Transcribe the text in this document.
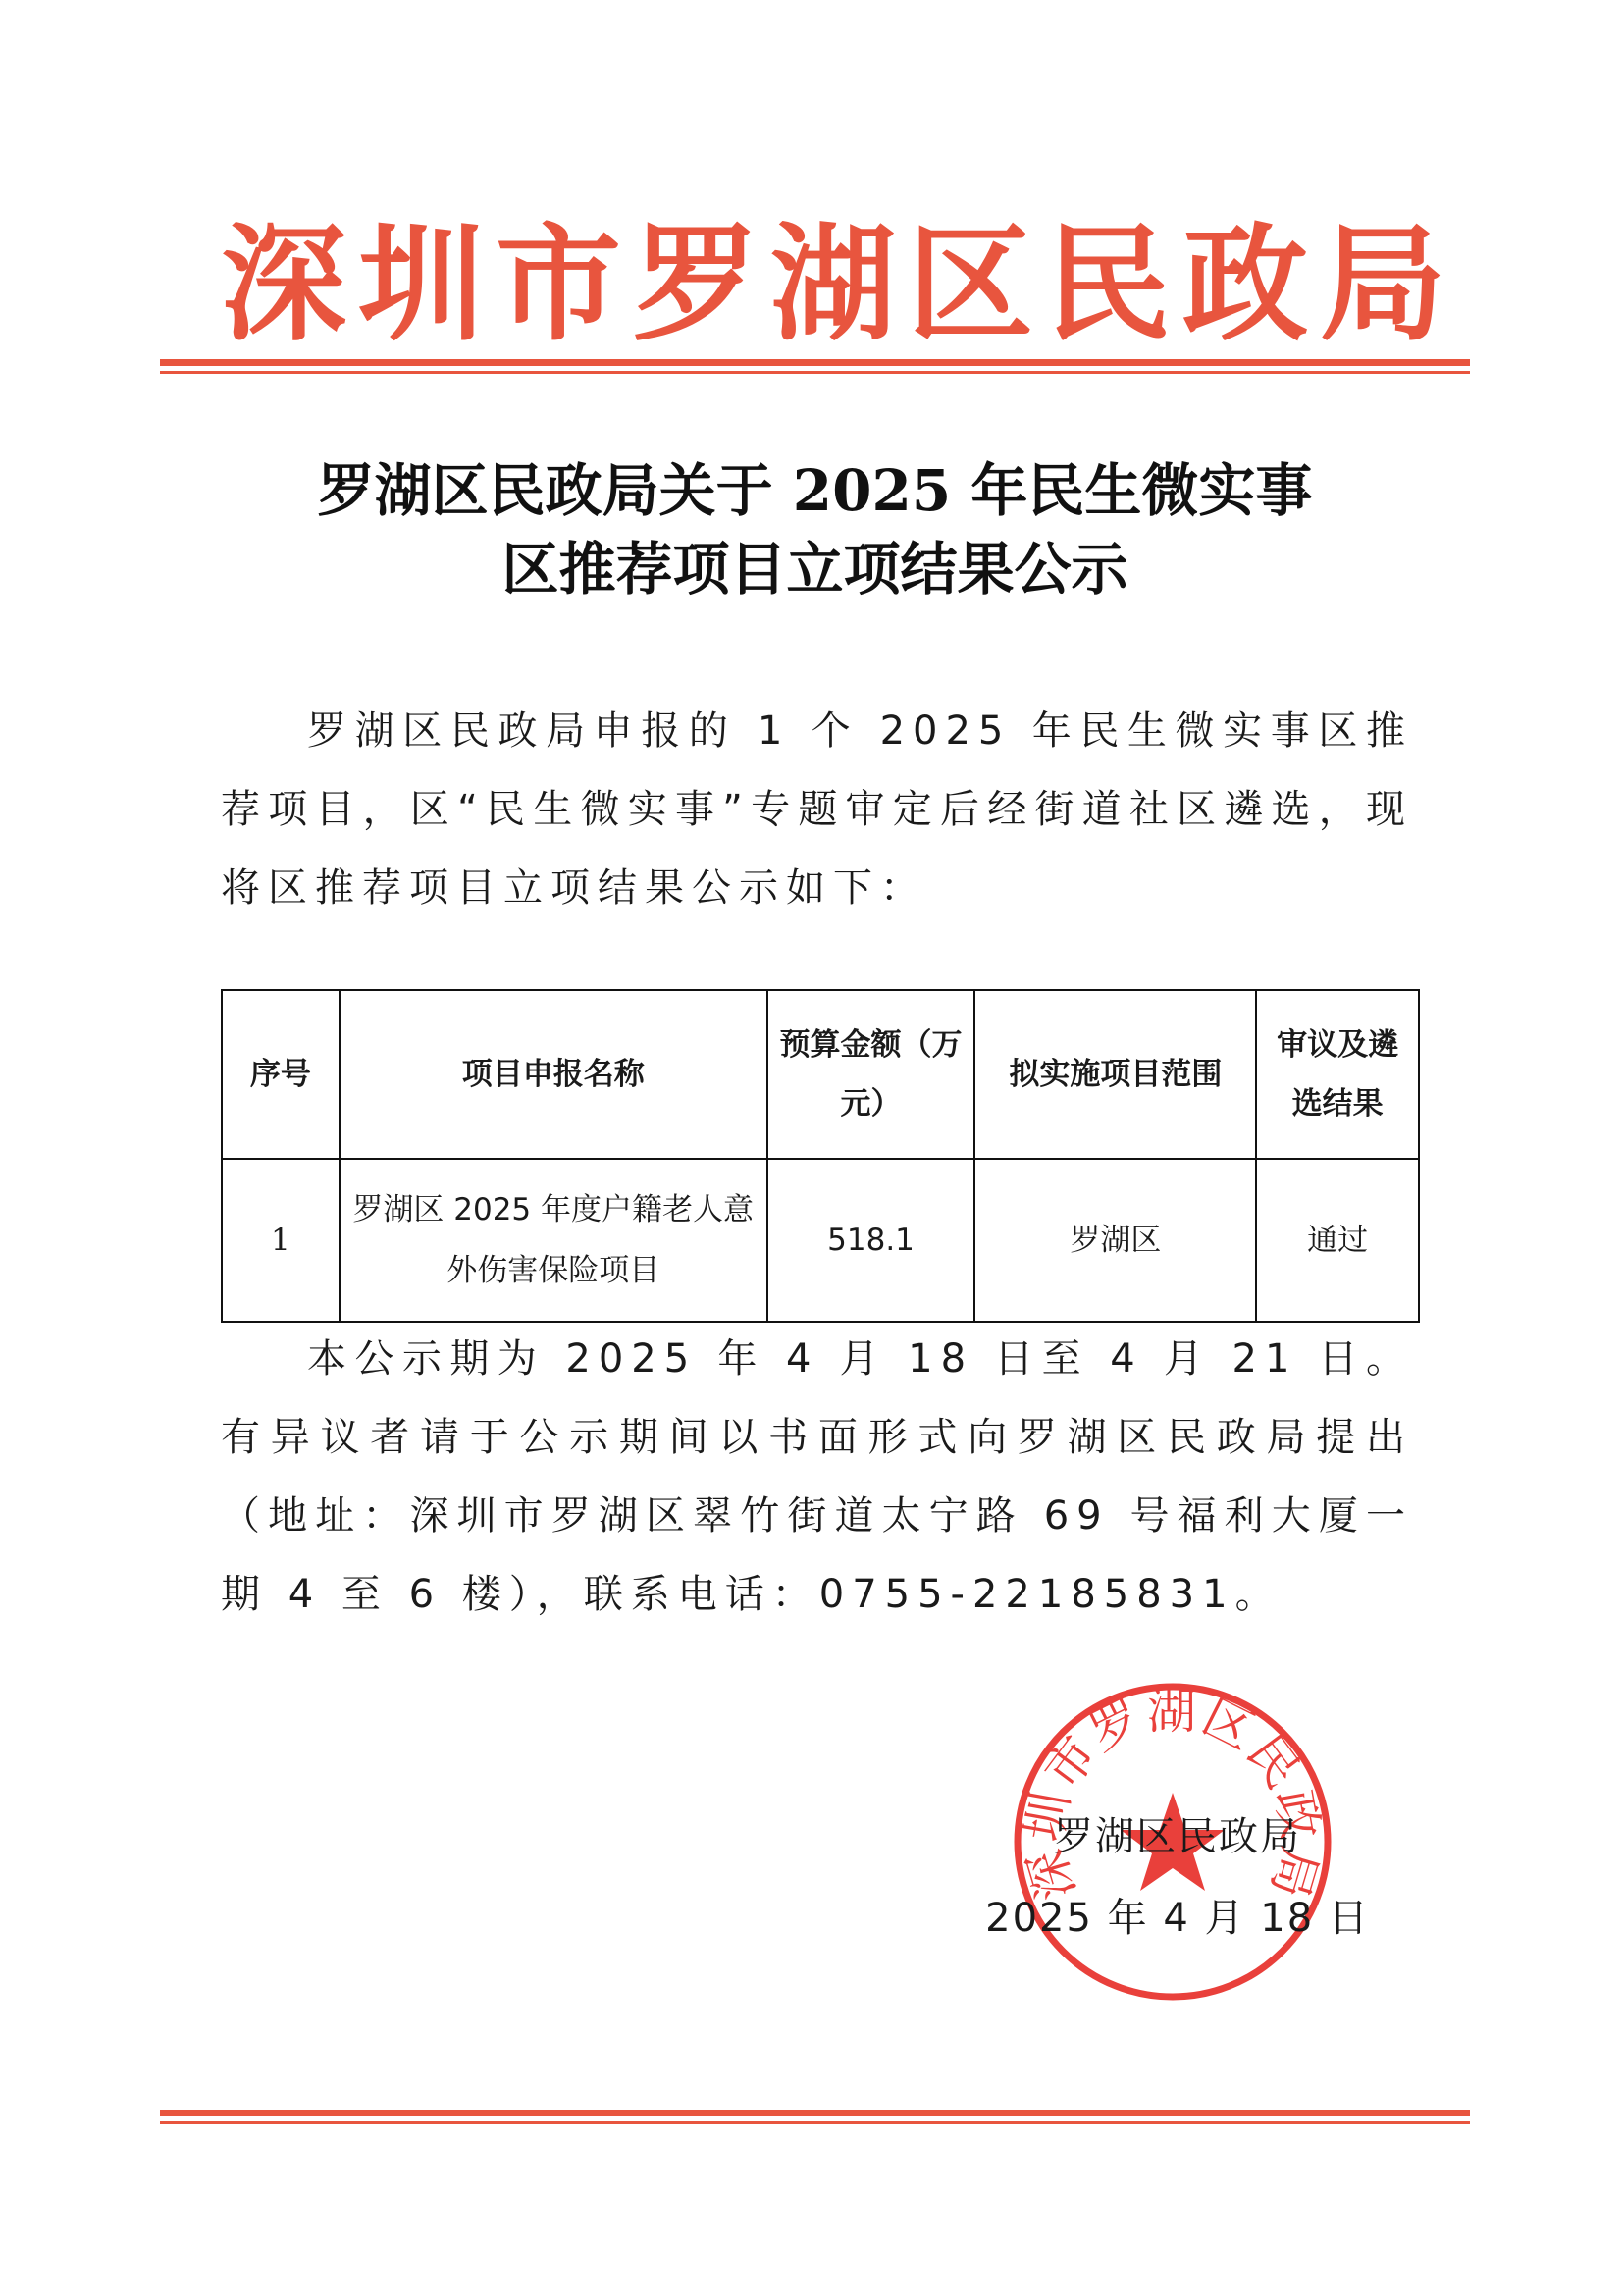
深圳市罗湖区民政局
罗湖区民政局关于 2025 年民生微实事
区推荐项目立项结果公示
罗湖区民政局申报的 1 个 2025 年民生微实事区推荐项目，区“民生微实事”专题审定后经街道社区遴选，现将区推荐项目立项结果公示如下：
序号	项目申报名称	预算金额（万元）	拟实施项目范围	审议及遴选结果
1	罗湖区 2025 年度户籍老人意外伤害保险项目	518.1	罗湖区	通过
本公示期为 2025 年 4 月 18 日至 4 月 21 日。有异议者请于公示期间以书面形式向罗湖区民政局提出（地址：深圳市罗湖区翠竹街道太宁路 69 号福利大厦一期 4 至 6 楼），联系电话：0755-22185831。
深圳市罗湖区民政局
罗湖区民政局
2025 年 4 月 18 日
